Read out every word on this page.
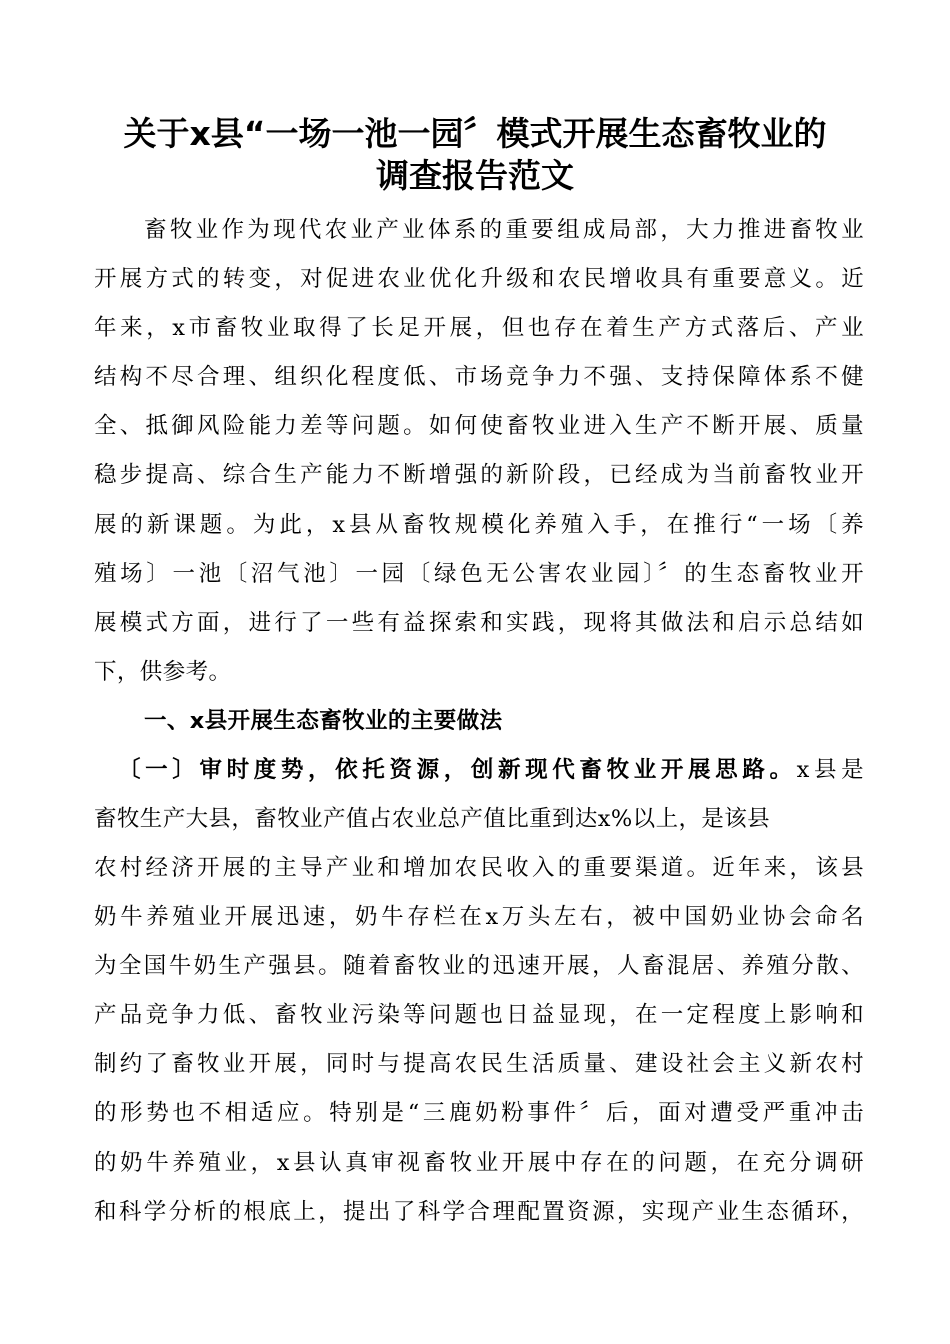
关于x县“一场一池一园〞模式开展生态畜牧业的
调查报告范文

畜牧业作为现代农业产业体系的重要组成局部，大力推进畜牧业

开展方式的转变，对促进农业优化升级和农民增收具有重要意义。近

年来，x市畜牧业取得了长足开展，但也存在着生产方式落后、产业

结构不尽合理、组织化程度低、市场竞争力不强、支持保障体系不健

全、抵御风险能力差等问题。如何使畜牧业进入生产不断开展、质量

稳步提高、综合生产能力不断增强的新阶段，已经成为当前畜牧业开

展的新课题。为此，x县从畜牧规模化养殖入手，在推行“一场〔养

殖场〕一池〔沼气池〕一园〔绿色无公害农业园〕〞的生态畜牧业开

展模式方面，进行了一些有益探索和实践，现将其做法和启示总结如

下，供参考。

一、x县开展生态畜牧业的主要做法

〔一〕审时度势，依托资源，创新现代畜牧业开展思路。x县是

畜牧生产大县，畜牧业产值占农业总产值比重到达x%以上，是该县

农村经济开展的主导产业和增加农民收入的重要渠道。近年来，该县

奶牛养殖业开展迅速，奶牛存栏在x万头左右，被中国奶业协会命名

为全国牛奶生产强县。随着畜牧业的迅速开展，人畜混居、养殖分散、

产品竞争力低、畜牧业污染等问题也日益显现，在一定程度上影响和

制约了畜牧业开展，同时与提高农民生活质量、建设社会主义新农村

的形势也不相适应。特别是“三鹿奶粉事件〞后，面对遭受严重冲击

的奶牛养殖业，x县认真审视畜牧业开展中存在的问题，在充分调研

和科学分析的根底上，提出了科学合理配置资源，实现产业生态循环，
